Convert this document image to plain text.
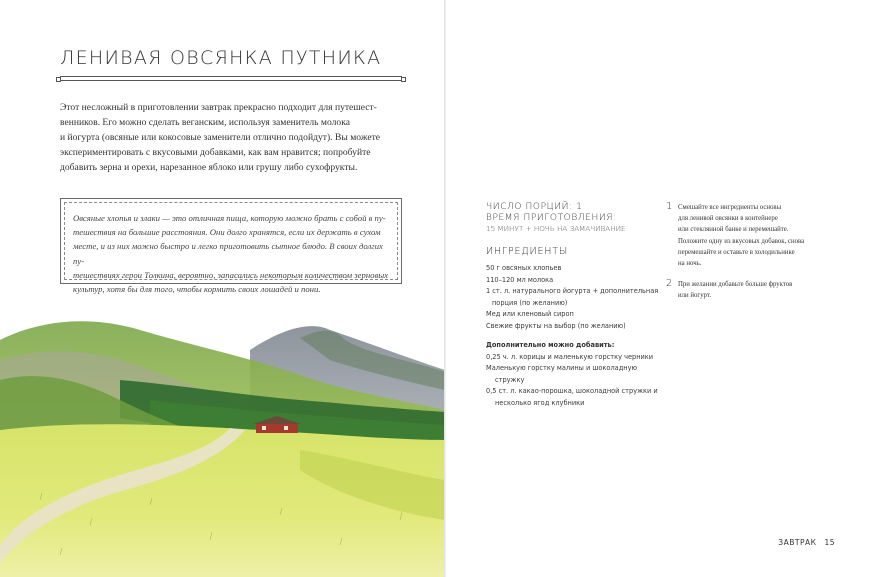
ЛЕНИВАЯ ОВСЯНКА ПУТНИКА

Этот несложный в приготовлении завтрак прекрасно подходит для путешест-

венников. Его можно сделать веганским, используя заменитель молока

и йогурта (овсяные или кокосовые заменители отлично подойдут). Вы можете

экспериментировать с вкусовыми добавками, как вам нравится; попробуйте

добавить зерна и орехи, нарезанное яблоко или грушу либо сухофрукты.

Овсяные хлопья и злаки — это отличная пища, которую можно брать с собой в пу-
тешествия на большие расстояния. Они долго хранятся, если их держать в сухом
месте, и из них можно быстро и легко приготовить сытное блюдо. В своих долгих пу-
тешествиях герои Толкина, вероятно, запасались некоторым количеством зерновых
культур, хотя бы для того, чтобы кормить своих лошадей и пони.
ЧИСЛО ПОРЦИЙ: 1
ВРЕМЯ ПРИГОТОВЛЕНИЯ:
15 МИНУТ + НОЧЬ НА ЗАМАЧИВАНИЕ
ИНГРЕДИЕНТЫ
50 г овсяных хлопьев
110–120 мл молока
1 ст. л. натурального йогурта + дополнительная порция (по желанию)
Мед или кленовый сироп
Свежие фрукты на выбор (по желанию)
Дополнительно можно добавить:
0,25 ч. л. корицы и маленькую горстку черники
Маленькую горстку малины и шоколадную стружку
0,5 ст. л. какао-порошка, шоколадной стружки и несколько ягод клубники
1 Смешайте все ингредиенты основы
для ленивой овсянки в контейнере
или стеклянной банке и перемешайте.
Положите одну из вкусовых добавок, снова
перемешайте и оставьте в холодильнике
на ночь.
2 При желании добавьте больше фруктов
или йогурт.
ЗАВТРАК 15
